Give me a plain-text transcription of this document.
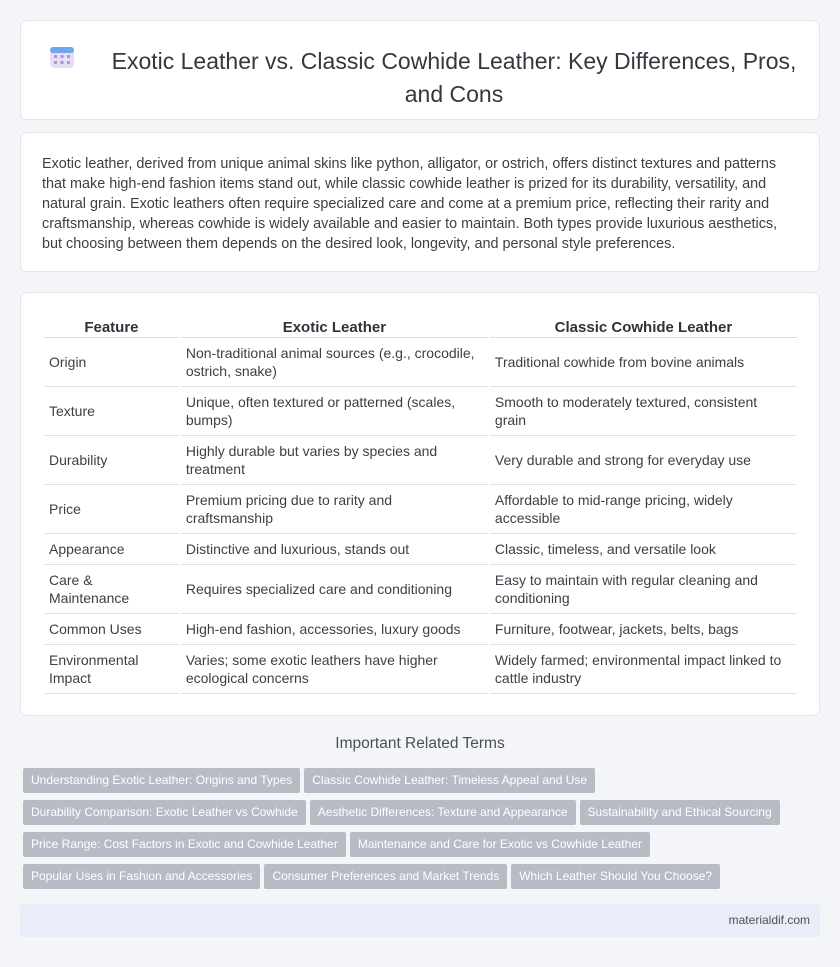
Exotic Leather vs. Classic Cowhide Leather: Key Differences, Pros, and Cons

Exotic leather, derived from unique animal skins like python, alligator, or ostrich, offers distinct textures and patterns that make high-end fashion items stand out, while classic cowhide leather is prized for its durability, versatility, and natural grain. Exotic leathers often require specialized care and come at a premium price, reflecting their rarity and craftsmanship, whereas cowhide is widely available and easier to maintain. Both types provide luxurious aesthetics, but choosing between them depends on the desired look, longevity, and personal style preferences.

Feature	Exotic Leather	Classic Cowhide Leather
Origin	Non-traditional animal sources (e.g., crocodile, ostrich, snake)	Traditional cowhide from bovine animals
Texture	Unique, often textured or patterned (scales, bumps)	Smooth to moderately textured, consistent grain
Durability	Highly durable but varies by species and treatment	Very durable and strong for everyday use
Price	Premium pricing due to rarity and craftsmanship	Affordable to mid-range pricing, widely accessible
Appearance	Distinctive and luxurious, stands out	Classic, timeless, and versatile look
Care & Maintenance	Requires specialized care and conditioning	Easy to maintain with regular cleaning and conditioning
Common Uses	High-end fashion, accessories, luxury goods	Furniture, footwear, jackets, belts, bags
Environmental Impact	Varies; some exotic leathers have higher ecological concerns	Widely farmed; environmental impact linked to cattle industry
Important Related Terms
Understanding Exotic Leather: Origins and Types Classic Cowhide Leather: Timeless Appeal and Use
Durability Comparison: Exotic Leather vs Cowhide Aesthetic Differences: Texture and Appearance Sustainability and Ethical Sourcing
Price Range: Cost Factors in Exotic and Cowhide Leather Maintenance and Care for Exotic vs Cowhide Leather
Popular Uses in Fashion and Accessories Consumer Preferences and Market Trends Which Leather Should You Choose?
materialdif.com
